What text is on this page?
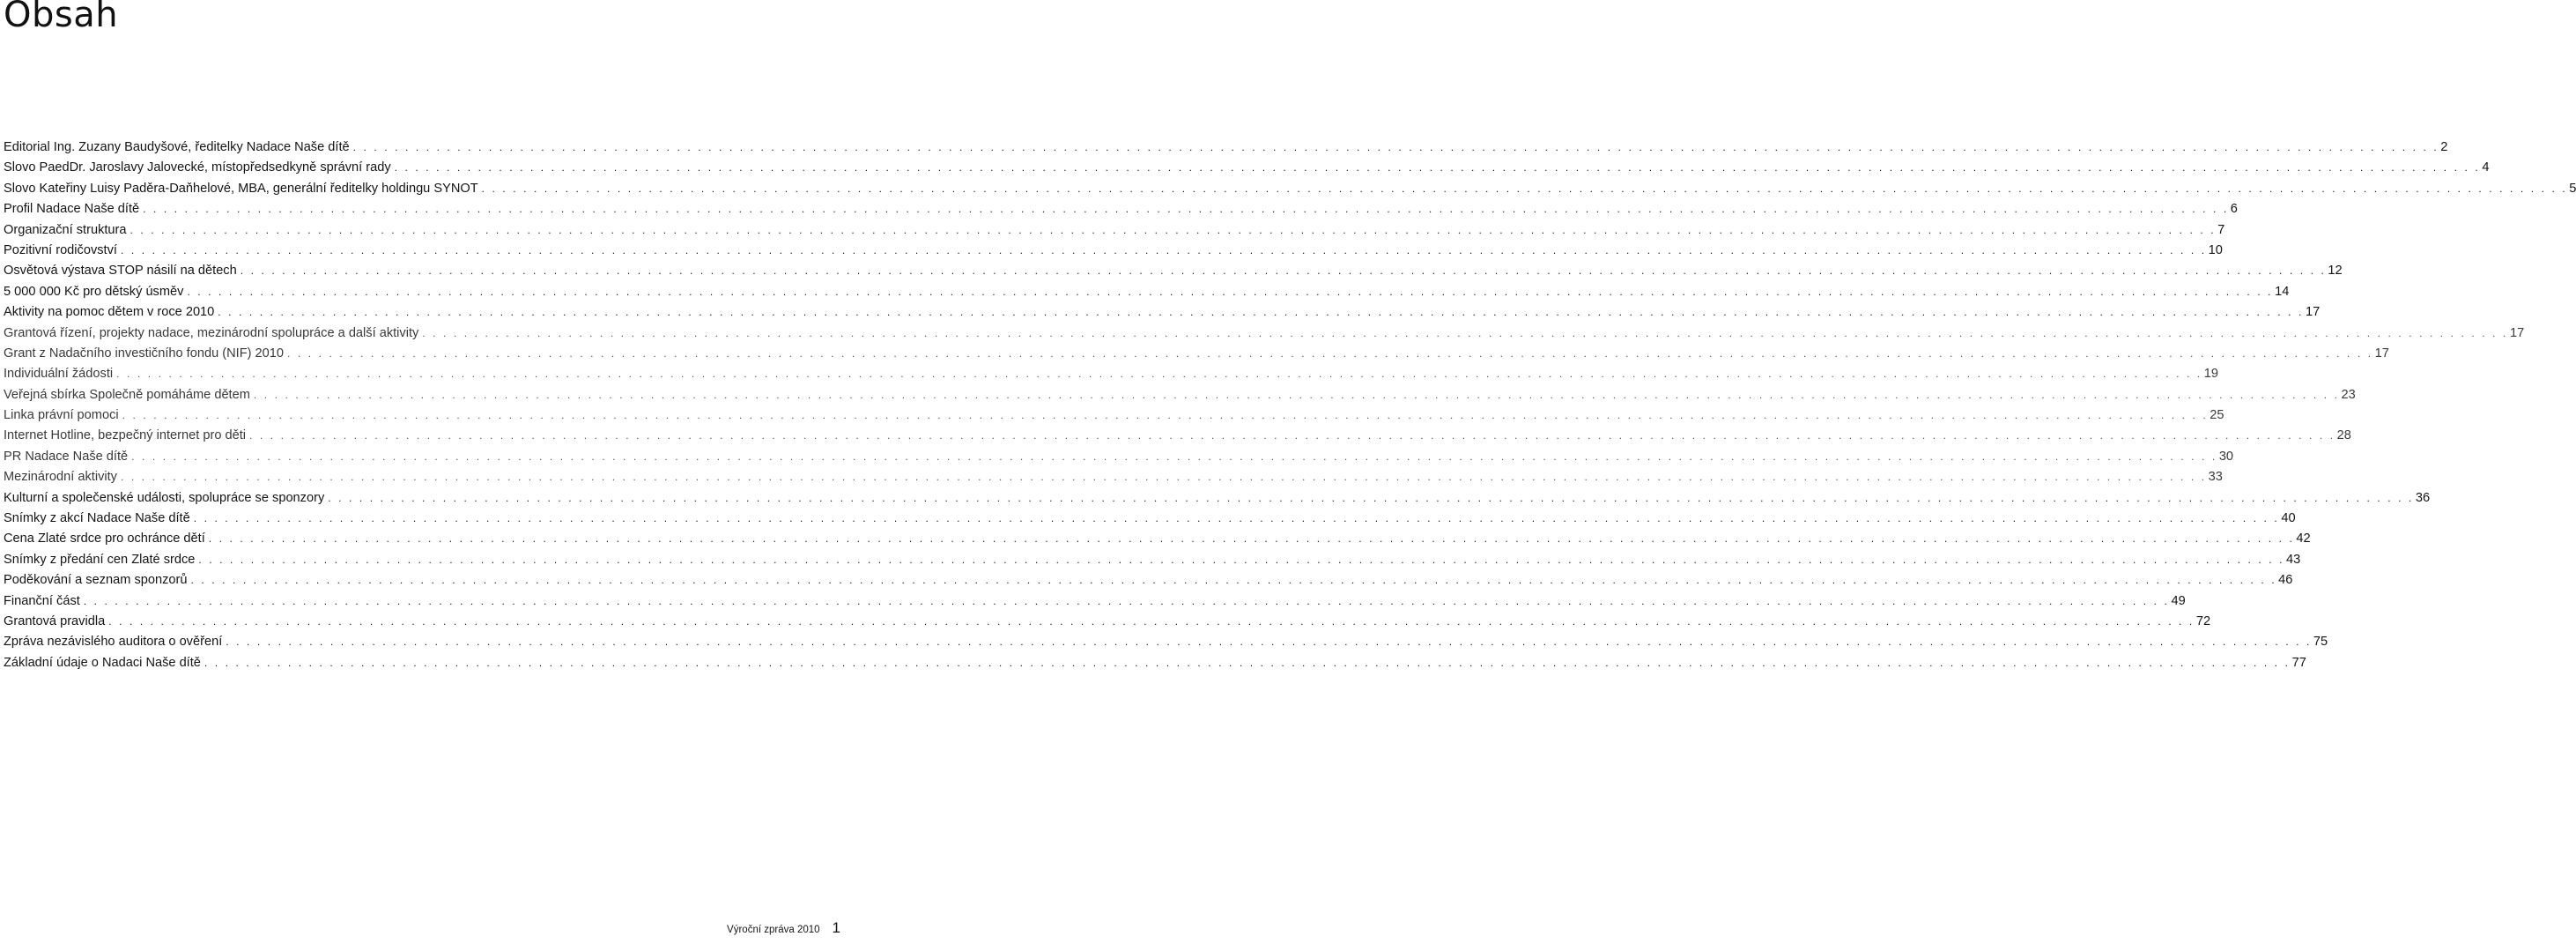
Obsah
Editorial Ing. Zuzany Baudyšové, ředitelky Nadace Naše dítě . . . . . . . . . . . . . . . . . . . . . . . . . . . . . . . . . . . . . . . . . . . . . . . . . . . . . . . . . . . . . . . . . . . . . . . . . . . . . . . . . . . . . . . . . . . . . . . . . . . . . . . . . . . . . . . . . . . . . . . . . . . . . . . . . . . . . . . . . . . . . . . . . . . . . . . . . . . . . . . . . . . . . . . . . . . . . . . . . . . . . . . . . . . . . . . . . . . . . . . . 2
Slovo PaedDr. Jaroslavy Jalovecké, místopředsedkyně správní rady . . . . . . . . . . . . . . . . . . . . . . . . . . . . . . . . . . . . . . . . . . . . . . . . . . . . . . . . . . . . . . . . . . . . . . . . . . . . . . . . . . . . . . . . . . . . . . . . . . . . . . . . . . . . . . . . . . . . . . . . . . . . . . . . . . . . . . . . . . . . . . . . . . . . . . . . . . . . . . . . . . . . . . . . . . . . . . . . . . . . . . . . . . . . . . . . . . . . . . . . 4
Slovo Kateřiny Luisy Paděra-Daňhelové, MBA, generální ředitelky holdingu SYNOT . . . . . . . . . . . . . . . . . . . . . . . . . . . . . . . . . . . . . . . . . . . . . . . . . . . . . . . . . . . . . . . . . . . . . . . . . . . . . . . . . . . . . . . . . . . . . . . . . . . . . . . . . . . . . . . . . . . . . . . . . . . . . . . . . . . . . . . . . . . . . . . . . . . . . . . . . . . . . . . . . . . . . . . . . . . . . . . . . . . . . . . . . . . . . . . . . . . . . . . . 5
Profil Nadace Naše dítě . . . . . . . . . . . . . . . . . . . . . . . . . . . . . . . . . . . . . . . . . . . . . . . . . . . . . . . . . . . . . . . . . . . . . . . . . . . . . . . . . . . . . . . . . . . . . . . . . . . . . . . . . . . . . . . . . . . . . . . . . . . . . . . . . . . . . . . . . . . . . . . . . . . . . . . . . . . . . . . . . . . . . . . . . . . . . . . . . . . . . . . . . . . . . . . . . . . . . . . . 6
Organizační struktura . . . . . . . . . . . . . . . . . . . . . . . . . . . . . . . . . . . . . . . . . . . . . . . . . . . . . . . . . . . . . . . . . . . . . . . . . . . . . . . . . . . . . . . . . . . . . . . . . . . . . . . . . . . . . . . . . . . . . . . . . . . . . . . . . . . . . . . . . . . . . . . . . . . . . . . . . . . . . . . . . . . . . . . . . . . . . . . . . . . . . . . . . . . . . . . . . . . . . . . . 7
Pozitivní rodičovství . . . . . . . . . . . . . . . . . . . . . . . . . . . . . . . . . . . . . . . . . . . . . . . . . . . . . . . . . . . . . . . . . . . . . . . . . . . . . . . . . . . . . . . . . . . . . . . . . . . . . . . . . . . . . . . . . . . . . . . . . . . . . . . . . . . . . . . . . . . . . . . . . . . . . . . . . . . . . . . . . . . . . . . . . . . . . . . . . . . . . . . . . . . . . . . . . . . . . . . . 10
Osvětová výstava STOP násilí na dětech . . . . . . . . . . . . . . . . . . . . . . . . . . . . . . . . . . . . . . . . . . . . . . . . . . . . . . . . . . . . . . . . . . . . . . . . . . . . . . . . . . . . . . . . . . . . . . . . . . . . . . . . . . . . . . . . . . . . . . . . . . . . . . . . . . . . . . . . . . . . . . . . . . . . . . . . . . . . . . . . . . . . . . . . . . . . . . . . . . . . . . . . . . . . . . . . . . . . . . . . 12
5 000 000 Kč pro dětský úsměv . . . . . . . . . . . . . . . . . . . . . . . . . . . . . . . . . . . . . . . . . . . . . . . . . . . . . . . . . . . . . . . . . . . . . . . . . . . . . . . . . . . . . . . . . . . . . . . . . . . . . . . . . . . . . . . . . . . . . . . . . . . . . . . . . . . . . . . . . . . . . . . . . . . . . . . . . . . . . . . . . . . . . . . . . . . . . . . . . . . . . . . . . . . . . . . . . . . . . . . . 14
Aktivity na pomoc dětem v roce 2010 . . . . . . . . . . . . . . . . . . . . . . . . . . . . . . . . . . . . . . . . . . . . . . . . . . . . . . . . . . . . . . . . . . . . . . . . . . . . . . . . . . . . . . . . . . . . . . . . . . . . . . . . . . . . . . . . . . . . . . . . . . . . . . . . . . . . . . . . . . . . . . . . . . . . . . . . . . . . . . . . . . . . . . . . . . . . . . . . . . . . . . . . . . . . . . . . . . . . . . . . 17
Grantová řízení, projekty nadace, mezinárodní spolupráce a další aktivity . . . . . . . . . . . . . . . . . . . . . . . . . . . . . . . . . . . . . . . . . . . . . . . . . . . . . . . . . . . . . . . . . . . . . . . . . . . . . . . . . . . . . . . . . . . . . . . . . . . . . . . . . . . . . . . . . . . . . . . . . . . . . . . . . . . . . . . . . . . . . . . . . . . . . . . . . . . . . . . . . . . . . . . . . . . . . . . . . . . . . . . . . . . . . . . . . . . . . . . . 17
Grant z Nadačního investičního fondu (NIF) 2010 . . . . . . . . . . . . . . . . . . . . . . . . . . . . . . . . . . . . . . . . . . . . . . . . . . . . . . . . . . . . . . . . . . . . . . . . . . . . . . . . . . . . . . . . . . . . . . . . . . . . . . . . . . . . . . . . . . . . . . . . . . . . . . . . . . . . . . . . . . . . . . . . . . . . . . . . . . . . . . . . . . . . . . . . . . . . . . . . . . . . . . . . . . . . . . . . . . . . . . . . 17
Individuální žádosti . . . . . . . . . . . . . . . . . . . . . . . . . . . . . . . . . . . . . . . . . . . . . . . . . . . . . . . . . . . . . . . . . . . . . . . . . . . . . . . . . . . . . . . . . . . . . . . . . . . . . . . . . . . . . . . . . . . . . . . . . . . . . . . . . . . . . . . . . . . . . . . . . . . . . . . . . . . . . . . . . . . . . . . . . . . . . . . . . . . . . . . . . . . . . . . . . . . . . . . . 19
Veřejná sbírka Společně pomáháme dětem . . . . . . . . . . . . . . . . . . . . . . . . . . . . . . . . . . . . . . . . . . . . . . . . . . . . . . . . . . . . . . . . . . . . . . . . . . . . . . . . . . . . . . . . . . . . . . . . . . . . . . . . . . . . . . . . . . . . . . . . . . . . . . . . . . . . . . . . . . . . . . . . . . . . . . . . . . . . . . . . . . . . . . . . . . . . . . . . . . . . . . . . . . . . . . . . . . . . . . . . 23
Linka právní pomoci . . . . . . . . . . . . . . . . . . . . . . . . . . . . . . . . . . . . . . . . . . . . . . . . . . . . . . . . . . . . . . . . . . . . . . . . . . . . . . . . . . . . . . . . . . . . . . . . . . . . . . . . . . . . . . . . . . . . . . . . . . . . . . . . . . . . . . . . . . . . . . . . . . . . . . . . . . . . . . . . . . . . . . . . . . . . . . . . . . . . . . . . . . . . . . . . . . . . . . . . 25
Internet Hotline, bezpečný internet pro děti . . . . . . . . . . . . . . . . . . . . . . . . . . . . . . . . . . . . . . . . . . . . . . . . . . . . . . . . . . . . . . . . . . . . . . . . . . . . . . . . . . . . . . . . . . . . . . . . . . . . . . . . . . . . . . . . . . . . . . . . . . . . . . . . . . . . . . . . . . . . . . . . . . . . . . . . . . . . . . . . . . . . . . . . . . . . . . . . . . . . . . . . . . . . . . . . . . . . . . . . 28
PR Nadace Naše dítě . . . . . . . . . . . . . . . . . . . . . . . . . . . . . . . . . . . . . . . . . . . . . . . . . . . . . . . . . . . . . . . . . . . . . . . . . . . . . . . . . . . . . . . . . . . . . . . . . . . . . . . . . . . . . . . . . . . . . . . . . . . . . . . . . . . . . . . . . . . . . . . . . . . . . . . . . . . . . . . . . . . . . . . . . . . . . . . . . . . . . . . . . . . . . . . . . . . . . . . . 30
Mezinárodní aktivity . . . . . . . . . . . . . . . . . . . . . . . . . . . . . . . . . . . . . . . . . . . . . . . . . . . . . . . . . . . . . . . . . . . . . . . . . . . . . . . . . . . . . . . . . . . . . . . . . . . . . . . . . . . . . . . . . . . . . . . . . . . . . . . . . . . . . . . . . . . . . . . . . . . . . . . . . . . . . . . . . . . . . . . . . . . . . . . . . . . . . . . . . . . . . . . . . . . . . . . . 33
Kulturní a společenské události, spolupráce se sponzory . . . . . . . . . . . . . . . . . . . . . . . . . . . . . . . . . . . . . . . . . . . . . . . . . . . . . . . . . . . . . . . . . . . . . . . . . . . . . . . . . . . . . . . . . . . . . . . . . . . . . . . . . . . . . . . . . . . . . . . . . . . . . . . . . . . . . . . . . . . . . . . . . . . . . . . . . . . . . . . . . . . . . . . . . . . . . . . . . . . . . . . . . . . . . . . . . . . . . . . . 36
Snímky z akcí Nadace Naše dítě . . . . . . . . . . . . . . . . . . . . . . . . . . . . . . . . . . . . . . . . . . . . . . . . . . . . . . . . . . . . . . . . . . . . . . . . . . . . . . . . . . . . . . . . . . . . . . . . . . . . . . . . . . . . . . . . . . . . . . . . . . . . . . . . . . . . . . . . . . . . . . . . . . . . . . . . . . . . . . . . . . . . . . . . . . . . . . . . . . . . . . . . . . . . . . . . . . . . . . . . 40
Cena Zlaté srdce pro ochránce dětí . . . . . . . . . . . . . . . . . . . . . . . . . . . . . . . . . . . . . . . . . . . . . . . . . . . . . . . . . . . . . . . . . . . . . . . . . . . . . . . . . . . . . . . . . . . . . . . . . . . . . . . . . . . . . . . . . . . . . . . . . . . . . . . . . . . . . . . . . . . . . . . . . . . . . . . . . . . . . . . . . . . . . . . . . . . . . . . . . . . . . . . . . . . . . . . . . . . . . . . . 42
Snímky z předání cen Zlaté srdce . . . . . . . . . . . . . . . . . . . . . . . . . . . . . . . . . . . . . . . . . . . . . . . . . . . . . . . . . . . . . . . . . . . . . . . . . . . . . . . . . . . . . . . . . . . . . . . . . . . . . . . . . . . . . . . . . . . . . . . . . . . . . . . . . . . . . . . . . . . . . . . . . . . . . . . . . . . . . . . . . . . . . . . . . . . . . . . . . . . . . . . . . . . . . . . . . . . . . . . . 43
Poděkování a seznam sponzorů . . . . . . . . . . . . . . . . . . . . . . . . . . . . . . . . . . . . . . . . . . . . . . . . . . . . . . . . . . . . . . . . . . . . . . . . . . . . . . . . . . . . . . . . . . . . . . . . . . . . . . . . . . . . . . . . . . . . . . . . . . . . . . . . . . . . . . . . . . . . . . . . . . . . . . . . . . . . . . . . . . . . . . . . . . . . . . . . . . . . . . . . . . . . . . . . . . . . . . . . 46
Finanční část . . . . . . . . . . . . . . . . . . . . . . . . . . . . . . . . . . . . . . . . . . . . . . . . . . . . . . . . . . . . . . . . . . . . . . . . . . . . . . . . . . . . . . . . . . . . . . . . . . . . . . . . . . . . . . . . . . . . . . . . . . . . . . . . . . . . . . . . . . . . . . . . . . . . . . . . . . . . . . . . . . . . . . . . . . . . . . . . . . . . . . . . . . . . . . . . . . . . . . . . 49
Grantová pravidla . . . . . . . . . . . . . . . . . . . . . . . . . . . . . . . . . . . . . . . . . . . . . . . . . . . . . . . . . . . . . . . . . . . . . . . . . . . . . . . . . . . . . . . . . . . . . . . . . . . . . . . . . . . . . . . . . . . . . . . . . . . . . . . . . . . . . . . . . . . . . . . . . . . . . . . . . . . . . . . . . . . . . . . . . . . . . . . . . . . . . . . . . . . . . . . . . . . . . . . . 72
Zpráva nezávislého auditora o ověření . . . . . . . . . . . . . . . . . . . . . . . . . . . . . . . . . . . . . . . . . . . . . . . . . . . . . . . . . . . . . . . . . . . . . . . . . . . . . . . . . . . . . . . . . . . . . . . . . . . . . . . . . . . . . . . . . . . . . . . . . . . . . . . . . . . . . . . . . . . . . . . . . . . . . . . . . . . . . . . . . . . . . . . . . . . . . . . . . . . . . . . . . . . . . . . . . . . . . . . . 75
Základní údaje o Nadaci Naše dítě . . . . . . . . . . . . . . . . . . . . . . . . . . . . . . . . . . . . . . . . . . . . . . . . . . . . . . . . . . . . . . . . . . . . . . . . . . . . . . . . . . . . . . . . . . . . . . . . . . . . . . . . . . . . . . . . . . . . . . . . . . . . . . . . . . . . . . . . . . . . . . . . . . . . . . . . . . . . . . . . . . . . . . . . . . . . . . . . . . . . . . . . . . . . . . . . . . . . . . . . 77
Výroční zpráva 2010 1
